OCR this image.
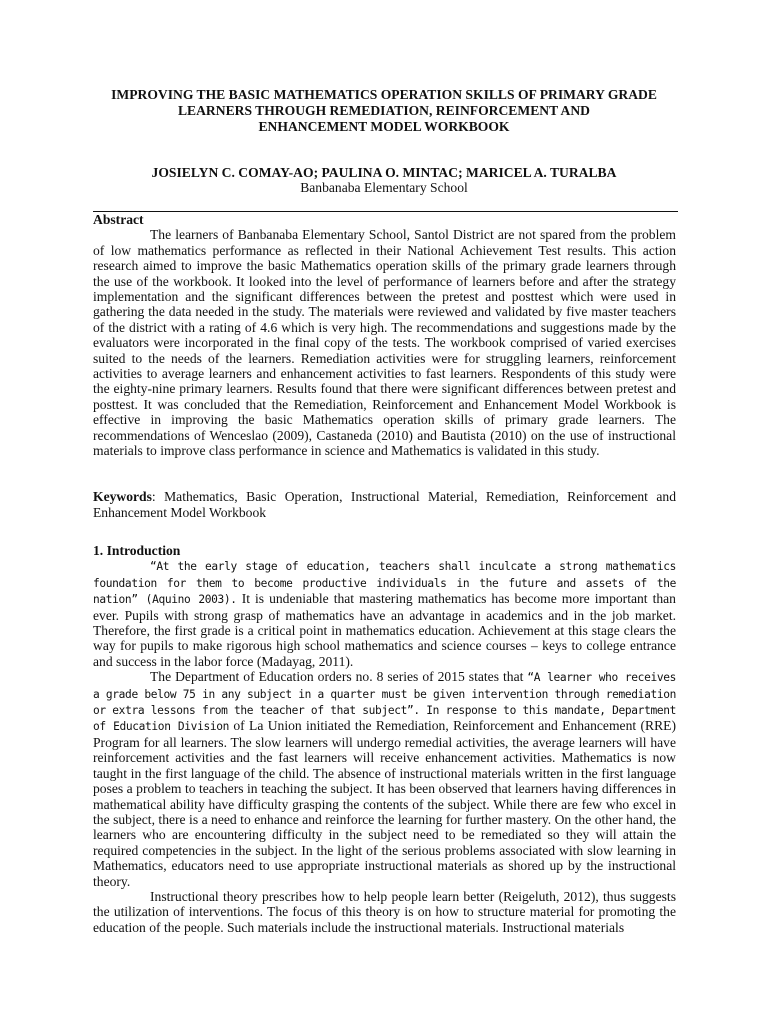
IMPROVING THE BASIC MATHEMATICS OPERATION SKILLS OF PRIMARY GRADE
LEARNERS THROUGH REMEDIATION, REINFORCEMENT AND
ENHANCEMENT MODEL WORKBOOK
JOSIELYN C. COMAY-AO; PAULINA O. MINTAC; MARICEL A. TURALBA
Banbanaba Elementary School
Abstract

The learners of Banbanaba Elementary School, Santol District are not spared from the problem of low mathematics performance as reflected in their National Achievement Test results. This action research aimed to improve the basic Mathematics operation skills of the primary grade learners through the use of the workbook. It looked into the level of performance of learners before and after the strategy implementation and the significant differences between the pretest and posttest which were used in gathering the data needed in the study. The materials were reviewed and validated by five master teachers of the district with a rating of 4.6 which is very high. The recommendations and suggestions made by the evaluators were incorporated in the final copy of the tests. The workbook comprised of varied exercises suited to the needs of the learners. Remediation activities were for struggling learners, reinforcement activities to average learners and enhancement activities to fast learners. Respondents of this study were the eighty-nine primary learners. Results found that there were significant differences between pretest and posttest. It was concluded that the Remediation, Reinforcement and Enhancement Model Workbook is effective in improving the basic Mathematics operation skills of primary grade learners. The recommendations of Wenceslao (2009), Castaneda (2010) and Bautista (2010) on the use of instructional materials to improve class performance in science and Mathematics is validated in this study.

Keywords: Mathematics, Basic Operation, Instructional Material, Remediation, Reinforcement and Enhancement Model Workbook

1. Introduction

“At the early stage of education, teachers shall inculcate a strong mathematics foundation for them to become productive individuals in the future and assets of the nation” (Aquino 2003). It is undeniable that mastering mathematics has become more important than ever. Pupils with strong grasp of mathematics have an advantage in academics and in the job market. Therefore, the first grade is a critical point in mathematics education. Achievement at this stage clears the way for pupils to make rigorous high school mathematics and science courses – keys to college entrance and success in the labor force (Madayag, 2011).

The Department of Education orders no. 8 series of 2015 states that “A learner who receives a grade below 75 in any subject in a quarter must be given intervention through remediation or extra lessons from the teacher of that subject”. In response to this mandate, Department of Education Division of La Union initiated the Remediation, Reinforcement and Enhancement (RRE) Program for all learners. The slow learners will undergo remedial activities, the average learners will have reinforcement activities and the fast learners will receive enhancement activities. Mathematics is now taught in the first language of the child. The absence of instructional materials written in the first language poses a problem to teachers in teaching the subject. It has been observed that learners having differences in mathematical ability have difficulty grasping the contents of the subject. While there are few who excel in the subject, there is a need to enhance and reinforce the learning for further mastery. On the other hand, the learners who are encountering difficulty in the subject need to be remediated so they will attain the required competencies in the subject. In the light of the serious problems associated with slow learning in Mathematics, educators need to use appropriate instructional materials as shored up by the instructional theory.

Instructional theory prescribes how to help people learn better (Reigeluth, 2012), thus suggests the utilization of interventions. The focus of this theory is on how to structure material for promoting the education of the people. Such materials include the instructional materials. Instructional materials
